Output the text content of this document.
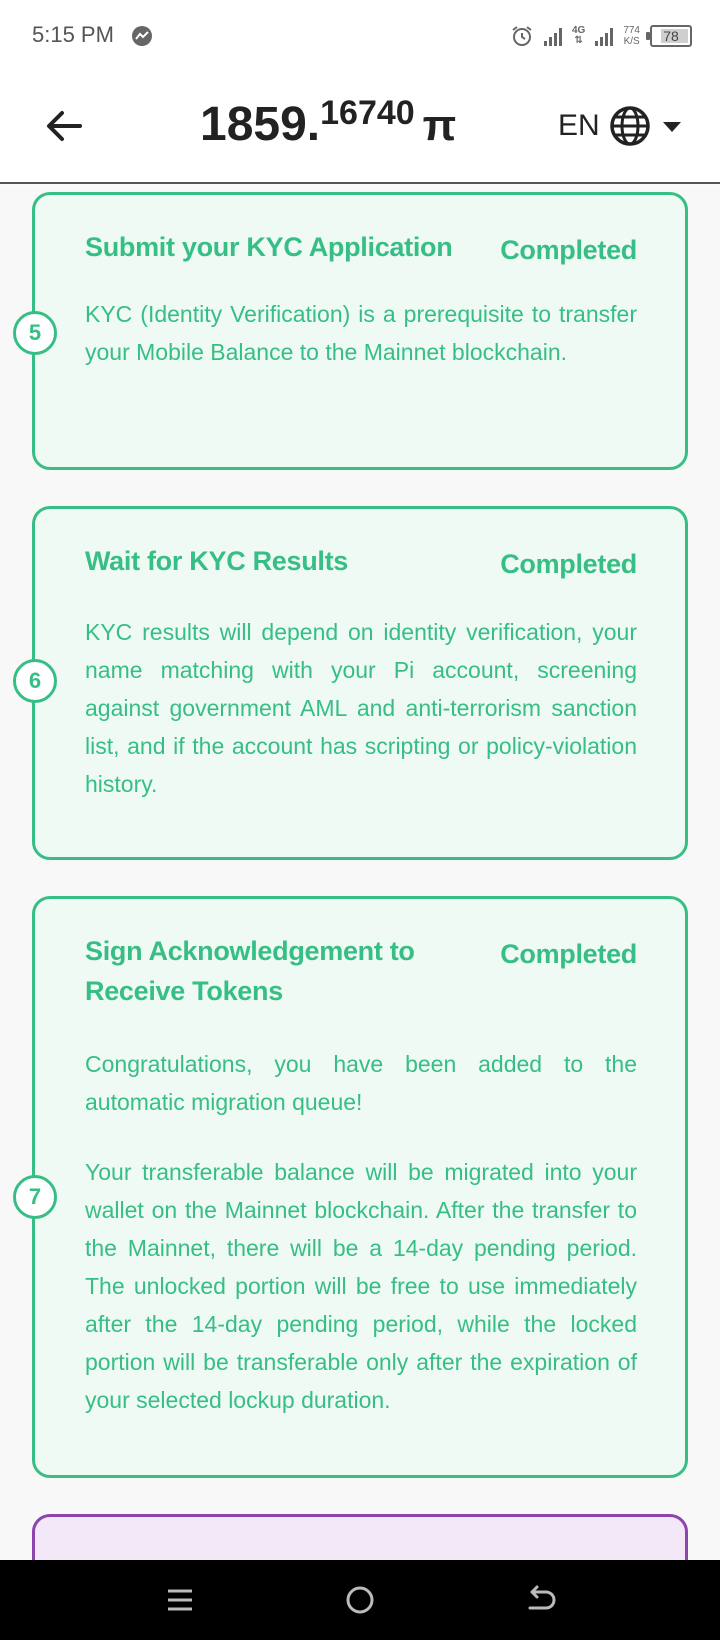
5:15 PM	4G
⇅
774
K/S	78
1859.16740 π	EN
5
Submit your KYC Application	Completed

KYC (Identity Verification) is a prerequisite to transfer your Mobile Balance to the Mainnet blockchain.

6
Wait for KYC Results	Completed

KYC results will depend on identity verification, your name matching with your Pi account, screening against government AML and anti-terrorism sanction list, and if the account has scripting or policy-violation history.

7
Sign Acknowledgement to Receive Tokens
Completed

Congratulations, you have been added to the automatic migration queue!

Your transferable balance will be migrated into your wallet on the Mainnet blockchain. After the transfer to the Mainnet, there will be a 14-day pending period. The unlocked portion will be free to use immediately after the 14-day pending period, while the locked portion will be transferable only after the expiration of your selected lockup duration.
